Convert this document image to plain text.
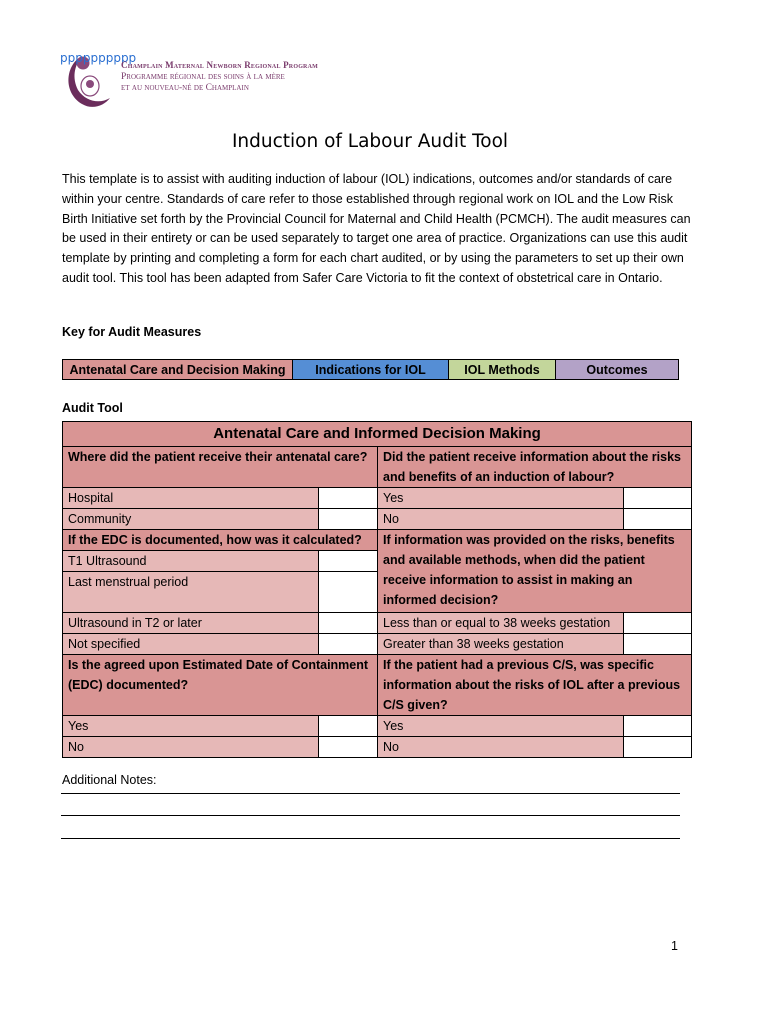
pppppppppp
Champlain Maternal Newborn Regional Program
Programme régional des soins à la mère
et au nouveau-né de Champlain
Induction of Labour Audit Tool
This template is to assist with auditing induction of labour (IOL) indications, outcomes and/or standards of care within your centre. Standards of care refer to those established through regional work on IOL and the Low Risk Birth Initiative set forth by the Provincial Council for Maternal and Child Health (PCMCH). The audit measures can be used in their entirety or can be used separately to target one area of practice. Organizations can use this audit template by printing and completing a form for each chart audited, or by using the parameters to set up their own audit tool. This tool has been adapted from Safer Care Victoria to fit the context of obstetrical care in Ontario.
Key for Audit Measures
Antenatal Care and Decision Making	Indications for IOL	IOL Methods	Outcomes
Audit Tool
Antenatal Care and Informed Decision Making			
Where did the patient receive their antenatal care?		Did the patient receive information about the risks and benefits of an induction of labour?	
Hospital		Yes	
Community		No	
If the EDC is documented, how was it calculated?		If information was provided on the risks, benefits and available methods, when did the patient receive information to assist in making an informed decision?	
T1 Ultrasound			
Last menstrual period			
Ultrasound in T2 or later		Less than or equal to 38 weeks gestation	
Not specified		Greater than 38 weeks gestation	
Is the agreed upon Estimated Date of Containment (EDC) documented?		If the patient had a previous C/S, was specific information about the risks of IOL after a previous C/S given?	
Yes		Yes	
No		No	
Additional Notes:
1
